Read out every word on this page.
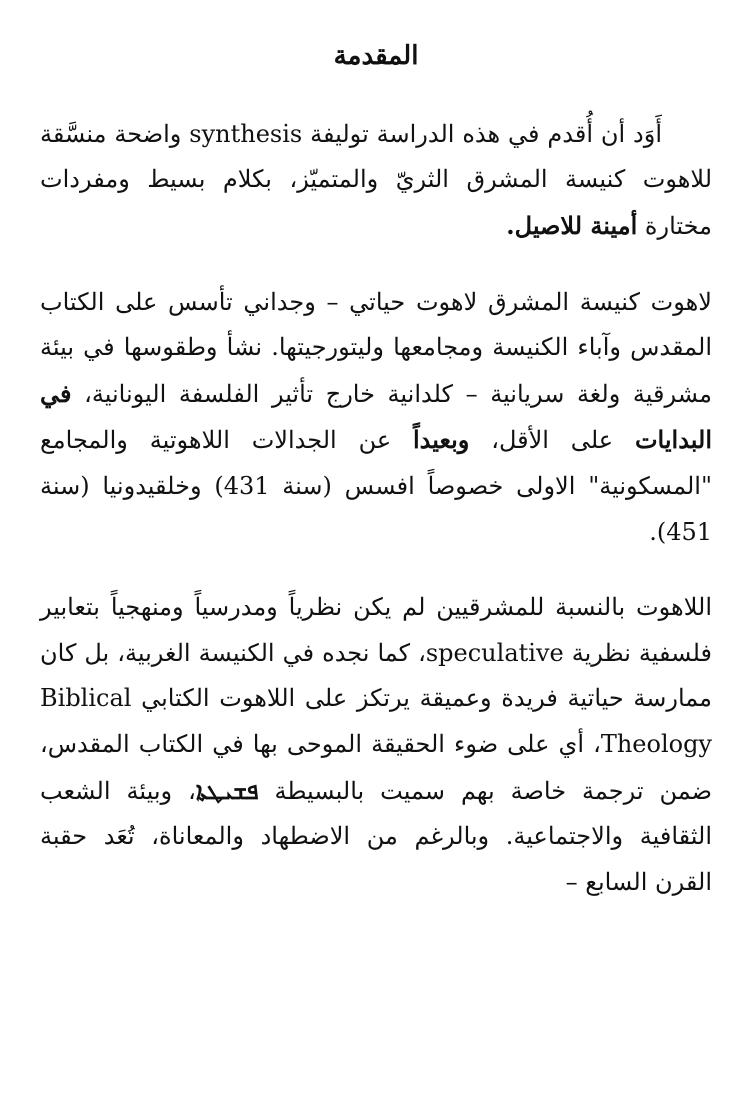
المقدمة

أَوَد أن أُقدم في هذه الدراسة توليفة synthesis واضحة منسَّقة للاهوت كنيسة المشرق الثريّ والمتميّز، بكلام بسيط ومفردات مختارة أمينة للاصيل.

لاهوت كنيسة المشرق لاهوت حياتي – وجداني تأسس على الكتاب المقدس وآباء الكنيسة ومجامعها وليتورجيتها. نشأ وطقوسها في بيئة مشرقية ولغة سريانية – كلدانية خارج تأثير الفلسفة اليونانية، في البدايات على الأقل، وبعيداً عن الجدالات اللاهوتية والمجامع "المسكونية" الاولى خصوصاً افسس (سنة 431) وخلقيدونيا (سنة 451).

اللاهوت بالنسبة للمشرقيين لم يكن نظرياً ومدرسياً ومنهجياً بتعابير فلسفية نظرية speculative، كما نجده في الكنيسة الغربية، بل كان ممارسة حياتية فريدة وعميقة يرتكز على اللاهوت الكتابي Biblical Theology، أي على ضوء الحقيقة الموحى بها في الكتاب المقدس، ضمن ترجمة خاصة بهم سميت بالبسيطة ܦܫܝܛܬܐ، وبيئة الشعب الثقافية والاجتماعية. وبالرغم من الاضطهاد والمعاناة، تُعَد حقبة القرن السابع –
